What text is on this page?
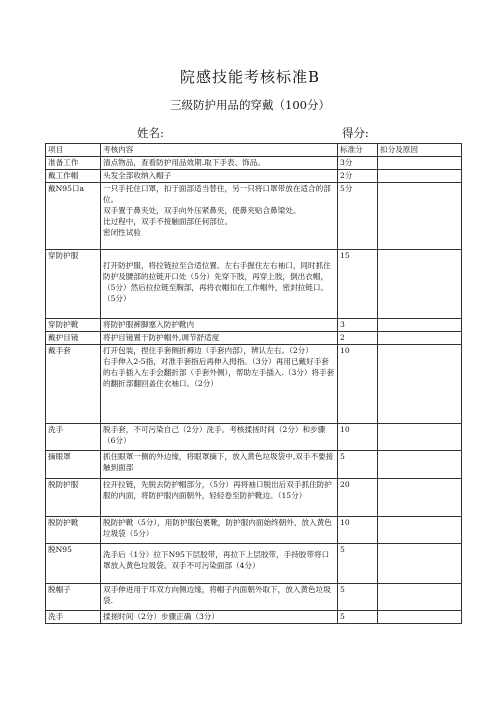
院感技能考核标准B
三级防护用品的穿戴（100分）
姓名:	得分:
项目	考核内容	标准分	扣分及原因
准备工作	清点物品，查看防护用品效期.取下手表、饰品。	3分	
戴工作帽	头发全部收纳入帽子	2分	
戴N95口a	一只手托住口罩，扣于面部适当替住，另一只将口罩带放在适合的部位。
双手置于鼻夹处，双手向外压紧鼻夹，使鼻夹贴合鼻梁处。
比过程中，双手不接触面部任何部位。
密闭性试验	5分	
穿防护服	打开防护服，将拉链拉至合适位置。左右手握住左右袖口，同时抓住防护及腰部的拉链开口处（5分）先穿下肢，再穿上肢，倒出衣帽，（5分）然后拉拉链至胸部，再将衣帽扣在工作帽外，密封拉链口。（5分）	15	
穿防护靴	将防护服裤脚塞入防护靴内	3	
戴护目镜	将护目镜置于防护帽外,调节舒适度	2	
戴手套	打开包装，捏住手套侧折褥边（手套内部），辨认左右。（2分）
右手伸入2-5指，对准手套指后再伸入拇指。（3分）再用已戴好手套的右手插入左手会翻折部（手套外侧），帮助左手插入.（3分）将手套的翻折部翻回盖住衣袖口。（2分）	10	
洗手	脱手套，不可污染自己（2分）洗手。考核揉搓时间（2分）和步骤（6分）	10	
摘眼罩	抓住眼罩一侧的外边缘，将眼罩摘下，放入黄色垃圾袋中,双手不要接触到面部	5	
脱防护服	拉开拉链，先脱去防护帽部分，（5分）再将袖口脱出后双手抓住防护服的内面，将防护服内面朝外，轻轻卷至防护靴边。（15分）	20	
脱防护靴	脱防护靴（5分），用防护服包裹靴，防护服内面始终朝外，放入黄色垃圾袋（5分）	10	
脱N95	洗手后（1分）拉下N95下层胶带，再拉下上层胶带，手持胶带将口罩放入黄色垃圾袋。双手不可污染面部（4分）	5	
脱帽子	双手伸进用于耳双方向侧边缘，将帽子内面朝外取下，放入黄色垃圾袋.	5	
洗手	揉搓时间（2分）步骤正确（3分）	5	
